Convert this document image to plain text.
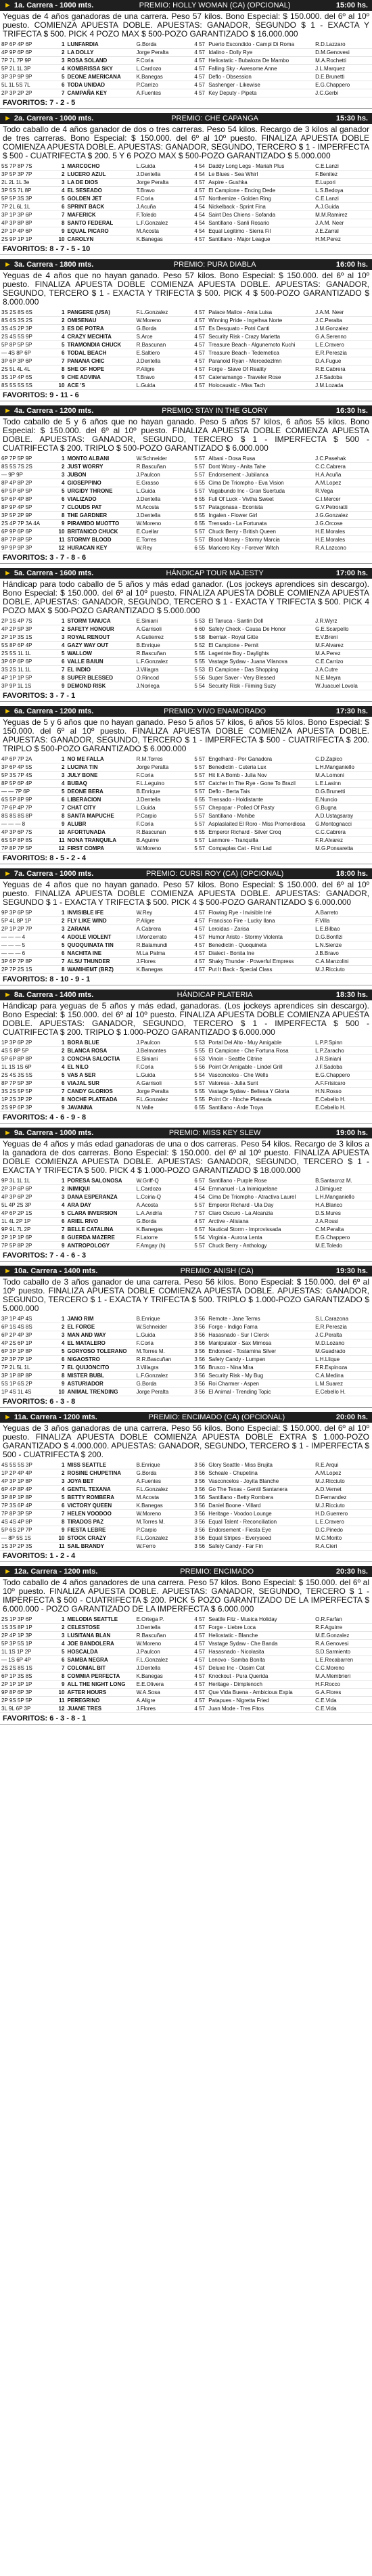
► 1a. Carrera - 1000 mts.	PREMIO: HOLLY WOMAN (CA) (OPCIONAL)	15:00 hs.
Yeguas de 4 años ganadoras de una carrera. Peso 57 kilos. Bono Especial: $ 150.000. del 6º al 10º puesto. COMIENZA APUESTA DOBLE. APUESTAS: GANADOR, SEGUNDO $ 1 - EXACTA Y TRIFECTA $ 500. PICK 4 POZO MAX $ 500-POZO GARANTIZADO $ 16.000.000
8P 6P 4P 6P	1	LUNFARDIA	G.Borda	4 57	Puerto Escondido - Campi Di Roma	R.D.Lazzaro
4P 9P 6P 6P	2	LA DOLLY	Jorge Peralta	4 57	Idalino - Dolly Rye	D.M.Genovesi
7P 7L 7P 9P	3	ROSA SOLAND	F.Coria	4 57	Heliostatic - Bubaloza De Mambo	M.A.Rochetti
5P 2L 1L 3P	4	KOMBRISSA SKY	L.Cardozo	4 57	Falling Sky - Awesome Anne	J.L.Marquez
3P 3P 9P 9P	5	DEONE AMERICANA	K.Banegas	4 57	Deflo - Obsession	D.E.Brunetti
5L 1L 5S 7L	6	TODA UNIDAD	P.Carrizo	4 57	Sashenger - Likewise	E.G.Chappero
2P 3P 2P 2P	7	CAMPAÑA KEY	A.Fuentes	4 57	Key Deputy - Pipeta	J.C.Gerbi
FAVORITOS: 7 - 2 - 5
► 2a. Carrera - 1000 mts.	PREMIO: CHE CAPANGA	15:30 hs.
Todo caballo de 4 años ganador de dos o tres carreras. Peso 54 kilos. Recargo de 3 kilos al ganador de tres carreras. Bono Especial: $ 150.000. del 6º al 10º puesto. FINALIZA APUESTA DOBLE COMIENZA APUESTA DOBLE. APUESTAS: GANADOR, SEGUNDO, TERCERO $ 1 - IMPERFECTA $ 500 - CUATRIFECTA $ 200. 5 Y 6 POZO MAX $ 500-POZO GARANTIZADO $ 5.000.000
5S 7P 8P 7S	1	MARCOCHO	L.Guida	4 54	Daddy Long Legs - Mariah Plus	C.E.Lanzi
3P 5P 3P 7P	2	LUCERO AZUL	J.Dentella	4 54	Le Blues - Sea Whirl	F.Benitez
2L 2L 1L 3e	3	LA DE DIOS	Jorge Peralta	4 57	Aspire - Gushka	E.Lupori
3P 5S 7L 8P	4	EL SESEADO	T.Bravo	4 57	El Campione - Encing Dede	L.S.Bedoya
5P 5P 3S 3P	5	GOLDEN JET	F.Coria	4 57	Northemize - Golden Ring	C.E.Lanzi
7P 2L 6L 1L	6	SPRINT BACK	J.Acuña	4 54	Nickelback - Sprint Fina	A.J.Guida
3P 1P 3P 6P	7	MAFERICK	F.Toledo	4 54	Saint Des Chiens - Sofanda	M.M.Ramirez
4P 3P 8P 8P	8	SANTO FEDERAL	L.F.Gonzalez	4 54	Santillano - Sanli Rosario	J.A.M. Neer
2P 1P 4P 6P	9	EQUAL PICARO	M.Acosta	4 54	Equal Legitimo - Sierra Fil	J.E.Zarral
2S 9P 1P 1P	10	CAROLYN	K.Banegas	4 57	Santillano - Major League	H.M.Perez
FAVORITOS: 8 - 7 - 5 - 10
► 3a. Carrera - 1800 mts.	PREMIO: PURA DIABLA	16:00 hs.
Yeguas de 4 años que no hayan ganado. Peso 57 kilos. Bono Especial: $ 150.000. del 6º al 10º puesto. FINALIZA APUESTA DOBLE COMIENZA APUESTA DOBLE. APUESTAS: GANADOR, SEGUNDO, TERCERO $ 1 - EXACTA Y TRIFECTA $ 500. PICK 4 $ 500-POZO GARANTIZADO $ 8.000.000
3S 2S 8S 6S	1	PANGERE (USA)	F.L.Gonzalez	4 57	Palace Malice - Ania Luisa	J.A.M. Neer
8S 6S 3S 2S	2	OMISENAU	W.Moreno	4 57	Winning Pride - Ingelhsa Norte	J.C.Peralta
3S 4S 2P 3P	3	ES DE POTRA	G.Borda	4 57	Es Desquato - Potri Canti	J.M.Gonzalez
2S 4S 5S 9P	4	CRAZY MECHITA	S.Arce	4 57	Security Risk - Crazy Marietta	G.A.Serenno
5P 8P 5P 5P	5	TRAMONDIA CHUCK	R.Bascunan	4 57	Treasure Beach - Algunemoto Kuchi	L.E.Cravero
— 4S 8P 6P	6	TODAL BEACH	E.Saltiero	4 57	Treasure Beach - Tedemetica	E.R.Pereszia
3P 6P 3P 6P	7	PANANA CHIC	J.Dentella	4 57	Paranoid Ryan - Mercedezlmn	D.A.Fugue
2S 5L 4L 4L	8	SHE OF HOPE	P.Aligre	4 57	Forge - Slave Of Reality	R.E.Cabrera
3S 1P 4P 6S	9	CHE ADVINA	T.Bravo	4 57	Catenamango - Traveler Rose	J.F.Sadoba
8S 5S 5S 5S	10	ACE 'S	L.Guida	4 57	Holocaustic - Miss Tach	J.M.Lozada
FAVORITOS: 9 - 11 - 6
► 4a. Carrera - 1200 mts.	PREMIO: STAY IN THE GLORY	16:30 hs.
Todo caballo de 5 y 6 años que no hayan ganado. Peso 5 años 57 kilos, 6 años 55 kilos. Bono Especial: $ 150.000. del 6º al 10º puesto. FINALIZA APUESTA DOBLE COMIENZA APUESTA DOBLE. APUESTAS: GANADOR, SEGUNDO, TERCERO $ 1 - IMPERFECTA $ 500 - CUATRIFECTA $ 200. TRIPLO $ 500-POZO GARANTIZADO $ 6.000.000
6P 7P 5P 9P	1	MONTO ALBANI	W.Schneider	5 57	Albani - Dosa Rusa	J.C.Pasehak
8S 5S 7S 2S	2	JUST WORRY	R.Bascuñan	5 57	Dont Worry - Anita Tahe	C.C.Cabrera
— 9P 9P	3	JUBON	J.Paulcon	5 57	Endorsement - Jubilanca	H.A.Acuña
8P 4P 8P 2P	4	GIOSEPPINO	E.Grasso	6 55	Cima De Triompho - Eva Vision	A.M.Lopez
6P 5P 6P 5P	5	URGIDY THRONE	L.Guida	5 57	Vagabundo Inc - Gran Suertuda	R.Vega
5P 6P 4P 8P	6	VIALIZADO	J.Dentella	6 55	Full Of Luck - Vivtha Sweet	C.I.Mercer
8P 9P 4P 5P	7	CLOUDS PAT	M.Acosta	5 57	Patagonasa - Econista	G.V.Petroratti
3P 5P 2P 9P	8	THE GARDNER	J.Dentella	6 55	Ingalen - Flower Girl	J.G.Gonzalez
2S 4P 7P 3A 4A	9	PIRAMIDO MUOTTO	W.Moreno	6 55	Trensado - La Fortunata	J.G.Orcose
6P 9P 6P 6P	10	BRITANICO CHUCK	E.Cuellar	5 57	Chuck Berry - British Queen	H.E.Morales
8P 7P 8P 5P	11	STORMY BLOOD	E.Torres	5 57	Blood Money - Stormy Marcia	H.E.Morales
9P 9P 9P 3P	12	HURACAN KEY	W.Rey	6 55	Maricero Key - Forever Witch	R.A.Lazcono
FAVORITOS: 3 - 7 - 8 - 6
► 5a. Carrera - 1600 mts.	HÁNDICAP TOUR MAJESTY	17:00 hs.
Hándicap para todo caballo de 5 años y más edad ganador. (Los jockeys aprendices sin descargo). Bono Especial: $ 150.000. del 6º al 10º puesto. FINALIZA APUESTA DOBLE COMIENZA APUESTA DOBLE. APUESTAS: GANADOR, SEGUNDO, TERCERO $ 1 - EXACTA Y TRIFECTA $ 500. PICK 4 POZO MAX $ 500-POZO GARANTIZADO $ 5.000.000
2P 1S 4P 7S	1	STORM TANUCA	E.Siniani	5 53	El Tanuca - Santin Doll	J.R.Wyrz
4P 2P 5P 3P	2	SAFETY HONOUR	A.Garrisoli	6 60	Safety Check - Causa De Honor	G.E.Scarpello
2P 1P 3S 1S	3	ROYAL RENOUT	A.Gutierrez	5 58	Iberriak - Royal Gitte	E.V.Breni
5S 8P 6P 4P	4	GAZY WAY OUT	B.Enrique	5 52	El Campione - Pernit	M.F.Alvarez
2S 5S 1L 1L	5	WALLOW	R.Bascuñan	5 55	Lagerinte Boy - Daylights	M.A.Perez
3P 6P 6P 6P	6	VALLE BAIUN	L.F.Gonzalez	5 55	Vastage Sydaw - Juana Vilanova	C.E.Carrizo
3S 2S 1L 1L	7	EL INDIO	J.Villagra	5 53	El Campione - Das Shopping	J.A.Cutre
4P 1P 1P 5P	8	SUPER BLESSED	O.Rincod	5 56	Super Saver - Very Blessed	N.E.Meyra
3P 9P 1L 1S	9	DEMOND RISK	J.Noriega	5 54	Security Risk - Fiiming Suzy	W.Juacuel Lovola
FAVORITOS: 3 - 7 - 1
► 6a. Carrera - 1200 mts.	PREMIO: VIVO ENAMORADO	17:30 hs.
Yeguas de 5 y 6 años que no hayan ganado. Peso 5 años 57 kilos, 6 años 55 kilos. Bono Especial: $ 150.000. del 6º al 10º puesto. FINALIZA APUESTA DOBLE COMIENZA APUESTA DOBLE. APUESTAS: GANADOR, SEGUNDO, TERCERO $ 1 - IMPERFECTA $ 500 - CUATRIFECTA $ 200. TRIPLO $ 500-POZO GARANTIZADO $ 6.000.000
4P 6P 7P 2A	1	NO ME FALLA	R.M.Torres	5 57	Engelhard - Por Ganadora	C.D.Zapico
3P 6P 4P 5S	2	LUCINA TIN	Jorge Peralta	5 57	Benedictin - Cuteria Lux	L.H.Manganiello
5P 3S 7P 4S	3	JULY BONE	F.Coria	5 57	Hit It A Bomb - Julia Nov	M.A.Lomoni
8P 5P 6P 4P	4	BUBAQ	F.L.Leguino	5 57	Catcher In The Rye - Gone To Brazil	L.E.Lasinn
— — 7P 6P	5	DEONE BERA	B.Enrique	5 57	Deflo - Berta Tais	D.G.Brunetti
6S 5P 8P 9P	6	LIBERACION	J.Dentella	6 55	Trensado - Holdistante	E.Nuncio
7P 6P 4P 7P	7	CHAT CITY	L.Guida	5 57	Chepopar - Polled Of Pasty	G.Bugna
8S 8S 8S 8P	8	SANTA MAPUCHE	P.Carpio	5 57	Santillano - Mohibe	A.D.Ustagsaray
— — — 8	9	ALUBR	F.Coria	5 57	Asplaslaited El Roro - Miss Promordiosa	G.Montognacci
4P 3P 6P 7S	10	AFORTUNADA	R.Bascunan	6 55	Emperor Richard - Silver Croq	C.C.Cabrera
6S 5P 8P 8S	11	NONA TRANQUILA	B.Aguirre	5 57	Lanmore - Tranquilla	F.R.Alvarez
7P 8P 7P 5P	12	FIRST COMPA	W.Moreno	5 57	Compaplas Cat - First Lad	M.G.Ponsaretta
FAVORITOS: 8 - 5 - 2 - 4
► 7a. Carrera - 1000 mts.	PREMIO: CURSI ROY (CA) (OPCIONAL)	18:00 hs.
Yeguas de 4 años que no hayan ganado. Peso 57 kilos. Bono Especial: $ 150.000. del 6º al 10º puesto. FINALIZA APUESTA DOBLE COMIENZA APUESTA DOBLE. APUESTAS: GANADOR, SEGUNDO $ 1 - EXACTA Y TRIFECTA $ 500. PICK 4 $ 500-POZO GARANTIZADO $ 6.000.000
9P 3P 6P 5P	1	INVISIBLE IFE	W.Rey	4 57	Flowing Rye - Invisible Iné	A.Barreto
5P 4L 8P 1P	2	FLY LIKE WIND	P.Aligre	4 57	Francisco Fire - Lucky Ilana	F.Villa
2P 1P 2P 7P	3	ZARANA	A.Cabrera	4 57	Leroidas - Zarisa	L.E.Bilbao
— — — 4	4	ADOLE VIOLENT	I.Monzerrato	4 57	Humor Aristo - Stormy Violenta	D.G.Bonfizi
— — — 5	5	QUOQUINATA TIN	R.Balamundi	4 57	Benedictin - Quoquineta	L.N.Sienze
— — — 6	6	NACHITA INE	M.La Palma	4 57	Dialect - Bonita Ine	J.B.Bravo
3P 6P 7P 8P	7	ALSU THUNDER	J.Flores	4 57	Shaky Thunder - Powerful Empress	C.A.Manzolini
2P 7P 2S 1S	8	WAMIHEMT (BRZ)	K.Banegas	4 57	Put It Back - Special Class	M.J.Ricciuto
FAVORITOS: 8 - 10 - 9 - 1
► 8a. Carrera - 1400 mts.	HÁNDICAP PLATERIA	18:30 hs.
Hándicap para yeguas de 5 años y más edad, ganadoras. (Los jockeys aprendices sin descargo). Bono Especial: $ 150.000. del 6º al 10º puesto. FINALIZA APUESTA DOBLE COMIENZA APUESTA DOBLE. APUESTAS: GANADOR, SEGUNDO, TERCERO $ 1 - IMPERFECTA $ 500 - CUATRIFECTA $ 200. TRIPLO $ 1.000-POZO GARANTIZADO $ 6.000.000
1P 3P 6P 2P	1	BORA BLUE	J.Paulcon	5 53	Portal Del Alto - Muy Amigable	L.P.P.Spinn
4S 5 8P 5P	2	BLANCA ROSA	J.Belmontes	5 55	El Campione - Che Fortuna Rosa	L.P.Zaracho
5P 6P 8P 8P	3	CONCHA SALOCTIA	E.Siniani	6 53	Vinoin - Seattle Citrine	J.R.Siniani
1L 1S 1S 6P	4	EL NILO	F.Coria	5 56	Point Or Amigable - Lindel Grill	J.F.Sadoba
2S 4S 3S 5S	5	VAS A SER	L.Guida	5 54	Vasconcelos - Che Wells	E.G.Chappero
8P 7P 5P 3P	6	VIAJAL SUR	A.Garrisoli	5 57	Valoresa - Julia Sunt	A.F.Frisicaro
3S 2S 5P 5P	7	CANDY GLORIOS	Jorge Peralta	5 55	Vastage Sydaw - Bellesa Y Gloria	H.N.Rosso
1P 2S 3P 2P	8	NOCHE PLATEADA	F.L.Gonzalez	5 55	Point Or - Noche Plateada	E.Cebello H.
2S 9P 6P 3P	9	JAVANNA	N.Valle	6 55	Santillano - Arde Troya	E.Cebello H.
FAVORITOS: 4 - 6 - 9 - 8
► 9a. Carrera - 1000 mts.	PREMIO: MISS KEY SLEW	19:00 hs.
Yeguas de 4 años y más edad ganadoras de una o dos carreras. Peso 54 kilos. Recargo de 3 kilos a la ganadora de dos carreras. Bono Especial: $ 150.000. del 6º al 10º puesto. FINALIZA APUESTA DOBLE COMIENZA APUESTA DOBLE. APUESTAS: GANADOR, SEGUNDO, TERCERO $ 1 - EXACTA Y TRIFECTA $ 500. PICK 4 $ 1.000-POZO GARANTIZADO $ 18.000.000
9P 3L 1L 1L	1	PORESA SALONOSA	W.Griff-Q	6 57	Santillano - Purple Rose	B.Santacroz M.
2P 3P 6P 6P	2	INIMIQUI	L.Cardozo	4 54	Emmanuel - La Inimiquelane	J.Dimiguez
4P 3P 6P 2P	3	DANA ESPERANZA	L.Coiria-Q	4 54	Cima De Triompho - Atractiva Laurel	L.H.Manganiello
5L 4P 2S 3P	4	ARA DAY	A.Acosta	5 57	Emperor Richard - Ula Day	H.A.Blanco
4P 6P 2P 1S	5	CLARA INVERSION	L.A.Andría	7 57	Claro Oscuro - La Alcanzia	D.S.Mures
1L 4L 2P 1P	6	ARIEL RIVO	G.Borda	4 57	Arctive - Alisiana	J.A.Rossi
9P 9L 7L 2P	7	BELLE CATALINA	K.Banegas	6 57	Nautical Storm - Improvissada	C.M.Peralta
2P 1P 1P 6P	8	GUERDA MAZERE	F.Latorre	5 54	Virginia - Aurora Lenta	E.G.Chappero
7P 5P 8P 2P	9	ANTROPOLOGY	F.Amgay (h)	5 57	Chuck Berry - Anthology	M.E.Toledo
FAVORITOS: 7 - 4 - 6 - 3
► 10a. Carrera - 1400 mts.	PREMIO: ANISH (CA)	19:30 hs.
Todo caballo de 3 años ganador de una carrera. Peso 56 kilos. Bono Especial: $ 150.000. del 6º al 10º puesto. FINALIZA APUESTA DOBLE COMIENZA APUESTA DOBLE. APUESTAS: GANADOR, SEGUNDO, TERCERO $ 1 - EXACTA Y TRIFECTA $ 500. TRIPLO $ 1.000-POZO GARANTIZADO $ 5.000.000
3P 1P 4P 4S	1	JANO RIM	B.Enrique	3 56	Remote - Jane Terms	S.L.Carazona
6P 1S 4S 8S	2	EL FORGE	W.Schneider	3 56	Forge - Indigo Fama	E.R.Pereszia
6P 2P 4P 3P	3	MAN AND WAY	L.Guida	3 56	Hasasnado - Sur I Clerck	J.C.Peralta
4P 2S 6P 1P	4	EL MATALERO	F.Coria	3 56	Manipulator - Sax Mimosa	M.D.Lozano
6P 3P 1P 8P	5	GORYOSO TOLERANO	M.Torres M.	3 56	Endorsed - Tostamina Silver	M.Guadrado
2P 3P 7P 1P	6	NIGAOSTRO	R.R.Bascuñan	3 56	Safety Candy - Lumpen	L.H.Llique
7P 2L 5L 1L	7	EL QUIJONCITO	J.Villagra	3 56	Brusco - Nina Mira	F.R.Espinoza
3P 1P 8P 8P	8	MISTER BUBL	L.F.Gonzalez	3 56	Security Risk - My Bug	C.A.Medina
5S 1P 6S 2P	9	ASTURIADOR	G.Borda	3 56	Roi Charmer - Aspen	L.M.Suarez
1P 4S 1L 4S	10	ANIMAL TRENDING	Jorge Peralta	3 56	El Animal - Trending Topic	E.Cebello H.
FAVORITOS: 6 - 3 - 8
► 11a. Carrera - 1200 mts.	PREMIO: ENCIMADO (CA) (OPCIONAL)	20:00 hs.
Yeguas de 3 años ganadoras de una carrera. Peso 56 kilos. Bono Especial: $ 150.000. del 6º al 10º puesto. FINALIZA APUESTA DOBLE COMIENZA APUESTA DOBLE EXTRA $ 1.000-POZO GARANTIZADO $ 4.000.000. APUESTAS: GANADOR, SEGUNDO, TERCERO $ 1 - IMPERFECTA $ 500 - CUATRIFECTA $ 200.
4S 5S 5S 3P	1	MISS SEATTLE	B.Enrique	3 56	Glory Seattle - Miss Brujita	R.E.Arqui
1P 2P 4P 4P	2	ROSINE CHUPETINA	G.Borda	3 56	Scheale - Chupetina	A.M.Lopez
4P 3P 1P 8P	3	JOYA BET	A.Fuentes	3 56	Vasconcelos - Joyita Blanche	M.J.Ricciuto
6P 4P 8P 4P	4	GENTIL TEXANA	F.L.Gonzalez	3 56	Go The Texas - Gentil Santanera	A.D.Vernet
3P 8P 1P 8P	5	BETTY ROMBERA	M.Acosta	3 56	Santillano - Betty Rombera	D.Fernandez
7P 3S 6P 4P	6	VICTORY QUEEN	K.Banegas	3 56	Daniel Boone - Villard	M.J.Ricciuto
7P 8P 3P 5P	7	HELEN VOODOO	W.Moreno	3 56	Heritage - Voodoo Lounge	H.D.Guerrero
4S 4S 4P 8P	8	TIRADOS PAZ	M.Torres M.	3 56	Equal Talent - Reconciliation	L.E.Cravero
5P 6S 2P 7P	9	FIESTA LEBRE	P.Carpio	3 56	Endorsement - Fiesta Eye	D.C.Pinedo
— 8P 5S 1S	10	STOCK CRAZY	F.L.Gonzalez	3 56	Equal Stripes - Everyseed	M.C.Morito
1S 3P 2P 3S	11	SAIL BRANDY	W.Ferro	3 56	Safety Candy - Far Fin	R.A.Cieri
FAVORITOS: 1 - 2 - 4
► 12a. Carrera - 1200 mts.	PREMIO: ENCIMADO	20:30 hs.
Todo caballo de 4 años ganadores de una carrera. Peso 57 kilos. Bono Especial: $ 150.000. del 6º al 10º puesto. FINALIZA APUESTA DOBLE. APUESTAS: GANADOR, SEGUNDO, TERCERO $ 1 - IMPERFECTA $ 500 - CUATRIFECTA $ 200. PICK 5 POZO GARANTIZADO DE LA IMPERFECTA $ 6.000.000 - POZO GARANTIZADO DE LA IMPERFECTA $ 6.000.000
2S 1P 3P 6P	1	MELODIA SEATTLE	E.Ortega P.	4 57	Seattle Fitz - Musica Holiday	O.R.Farfan
1S 3S 8P 1P	2	CELESTOSE	J.Dentella	4 57	Forge - Liebre Loca	R.F.Aguirre
2P 4P 1P 3P	3	LUSITANA BLAN	R.Bascuñan	4 57	Heliostatic - Blanche	M.E.Gonzalez
5P 3P 5S 1P	4	JOE BANDOLERA	W.Moreno	4 57	Vastage Sydaw - Che Banda	R.A.Genovesi
1L 1S 1P 2P	5	HOSCALDA	J.Paulcon	4 57	Hasasnado - Nicolasita	S.D.Sarmiento
— 1S 6P 4P	6	SAMBA NEGRA	F.L.Gonzalez	4 57	Lenovo - Samba Bonita	L.E.Recabarren
2S 2S 8S 1S	7	COLONIAL BIT	J.Dentella	4 57	Deluxe Inc - Oasim Cat	C.C.Moreno
6P 1P 3S 8S	8	COMMIA PERFECTA	K.Banegas	4 57	Knockout - Pura Querida	M.A.Membrieri
2P 1P 1P 1P	9	ALL THE NIGHT LONG	E.E.Olivera	4 57	Heritage - Dimplenoch	H.F.Rocco
9P 8P 6P 3P	10	AFTER HOURS	W.A.Sosa	4 57	Que Vida Buena - Ambicious Expla	G.A.Flores
2P 9S 5P 5P	11	PEREGRINO	A.Aligre	4 57	Patapues - Nigretta Fried	C.E.Vida
3L 9L 6P 3P	12	JUANE TRES	J.Flores	4 57	Juan Mode - Tres Fitos	C.E.Vida
FAVORITOS: 6 - 3 - 8 - 1
